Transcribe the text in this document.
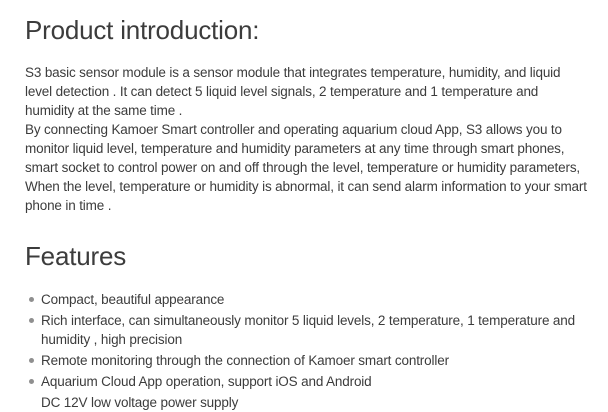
Product introduction:

S3 basic sensor module is a sensor module that integrates temperature, humidity, and liquid level detection . It can detect 5 liquid level signals, 2 temperature and 1 temperature and humidity at the same time .

By connecting Kamoer Smart controller and operating aquarium cloud App, S3 allows you to monitor liquid level, temperature and humidity parameters at any time through smart phones, smart socket to control power on and off through the level, temperature or humidity parameters, When the level, temperature or humidity is abnormal, it can send alarm information to your smart phone in time .

Features
Compact, beautiful appearance
Rich interface, can simultaneously monitor 5 liquid levels, 2 temperature, 1 temperature and humidity , high precision
Remote monitoring through the connection of Kamoer smart controller
Aquarium Cloud App operation, support iOS and Android
DC 12V low voltage power supply
